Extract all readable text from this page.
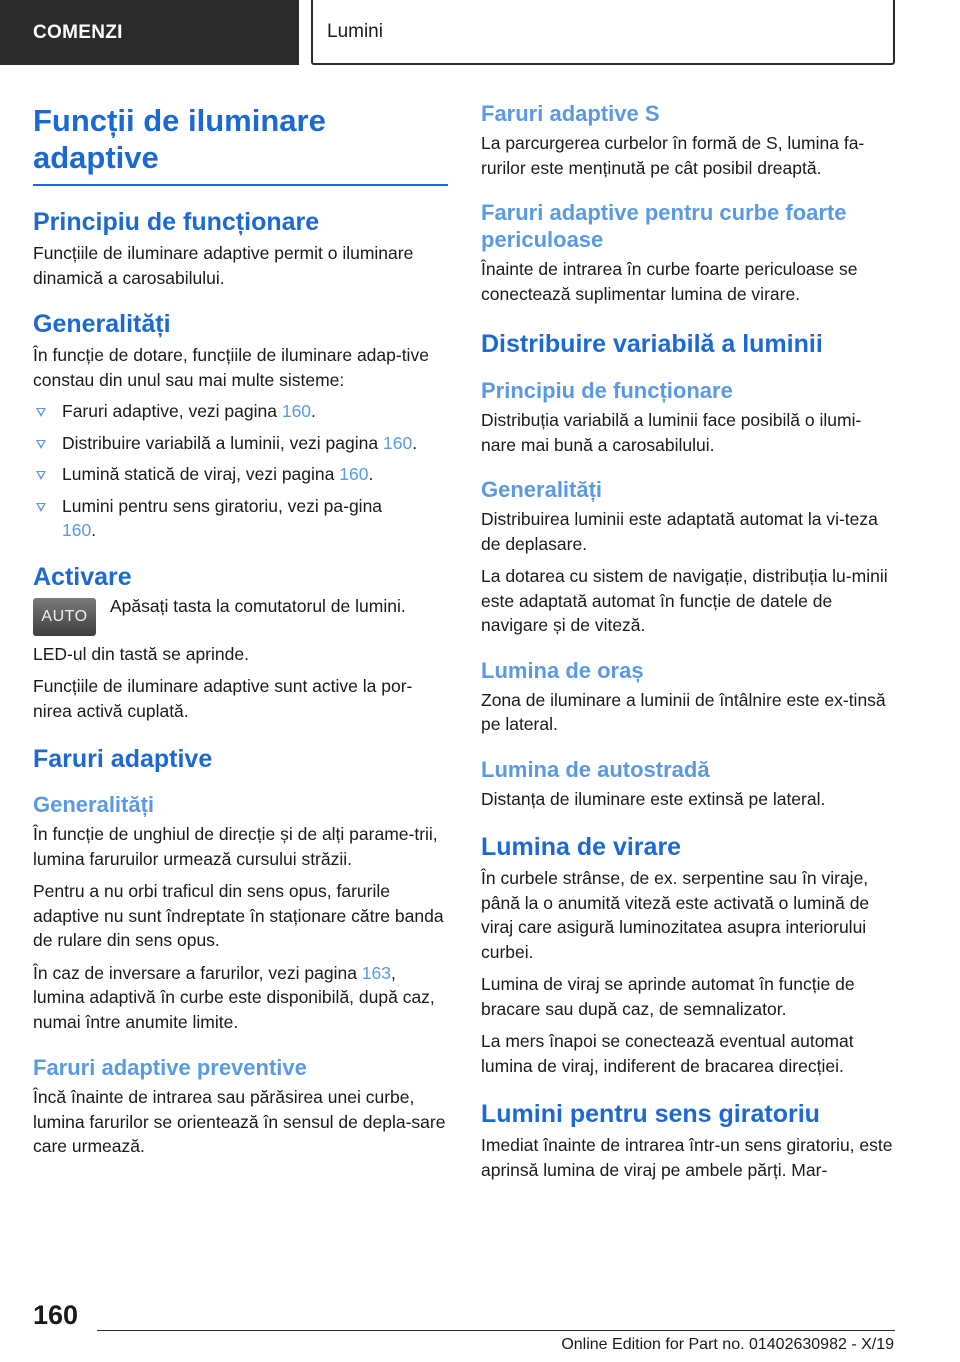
COMENZI	Lumini
Funcții de iluminare adaptive
Principiu de funcționare

Funcțiile de iluminare adaptive permit o iluminare dinamică a carosabilului.

Generalități

În funcție de dotare, funcțiile de iluminare adap‐tive constau din unul sau mai multe sisteme:

Faruri adaptive, vezi pagina 160.
Distribuire variabilă a luminii, vezi pagina 160.
Lumină statică de viraj, vezi pagina 160.
Lumini pentru sens giratoriu, vezi pa‐gina 160.
Activare
AUTO

Apăsați tasta la comutatorul de lumini.

LED-ul din tastă se aprinde.

Funcțiile de iluminare adaptive sunt active la por‐nirea activă cuplată.

Faruri adaptive
Generalități

În funcție de unghiul de direcție și de alți parame‐trii, lumina faruruilor urmează cursului străzii.

Pentru a nu orbi traficul din sens opus, farurile adaptive nu sunt îndreptate în staționare către banda de rulare din sens opus.

În caz de inversare a farurilor, vezi pagina 163, lumina adaptivă în curbe este disponibilă, după caz, numai între anumite limite.

Faruri adaptive preventive

Încă înainte de intrarea sau părăsirea unei curbe, lumina farurilor se orientează în sensul de depla‐sare care urmează.

Faruri adaptive S

La parcurgerea curbelor în formă de S, lumina fa‐rurilor este menținută pe cât posibil dreaptă.

Faruri adaptive pentru curbe foarte periculoase

Înainte de intrarea în curbe foarte periculoase se conectează suplimentar lumina de virare.

Distribuire variabilă a luminii
Principiu de funcționare

Distribuția variabilă a luminii face posibilă o ilumi‐nare mai bună a carosabilului.

Generalități

Distribuirea luminii este adaptată automat la vi‐teza de deplasare.

La dotarea cu sistem de navigație, distribuția lu‐minii este adaptată automat în funcție de datele de navigare și de viteză.

Lumina de oraș

Zona de iluminare a luminii de întâlnire este ex‐tinsă pe lateral.

Lumina de autostradă

Distanța de iluminare este extinsă pe lateral.

Lumina de virare

În curbele strânse, de ex. serpentine sau în viraje, până la o anumită viteză este activată o lumină de viraj care asigură luminozitatea asupra interiorului curbei.

Lumina de viraj se aprinde automat în funcție de bracare sau după caz, de semnalizator.

La mers înapoi se conectează eventual automat lumina de viraj, indiferent de bracarea direcției.

Lumini pentru sens giratoriu

Imediat înainte de intrarea într-un sens giratoriu, este aprinsă lumina de viraj pe ambele părți. Mar‐

160
Online Edition for Part no. 01402630982 - X/19
